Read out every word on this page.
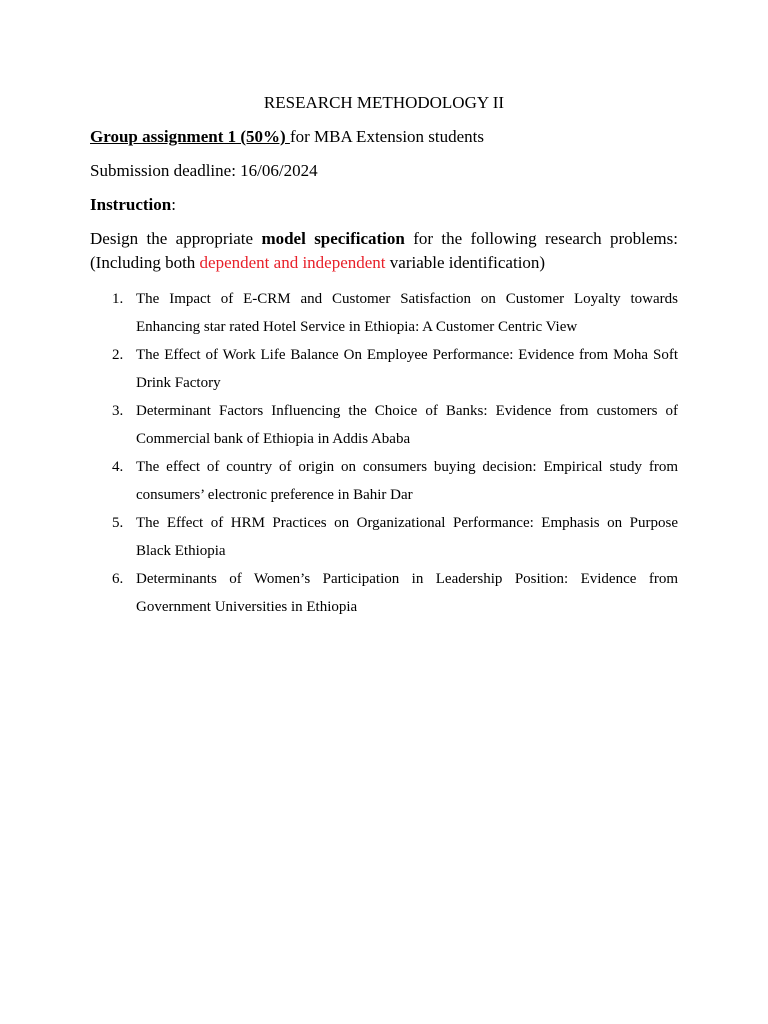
RESEARCH METHODOLOGY II
Group assignment 1 (50%) for MBA Extension students
Submission deadline: 16/06/2024
Instruction:
Design the appropriate model specification for the following research problems: (Including both dependent and independent variable identification)
1. The Impact of E-CRM and Customer Satisfaction on Customer Loyalty towards Enhancing star rated Hotel Service in Ethiopia: A Customer Centric View
2. The Effect of Work Life Balance On Employee Performance: Evidence from Moha Soft Drink Factory
3. Determinant Factors Influencing the Choice of Banks: Evidence from customers of Commercial bank of Ethiopia in Addis Ababa
4. The effect of country of origin on consumers buying decision: Empirical study from consumers’ electronic preference in Bahir Dar
5. The Effect of HRM Practices on Organizational Performance: Emphasis on Purpose Black Ethiopia
6. Determinants of Women’s Participation in Leadership Position: Evidence from Government Universities in Ethiopia
